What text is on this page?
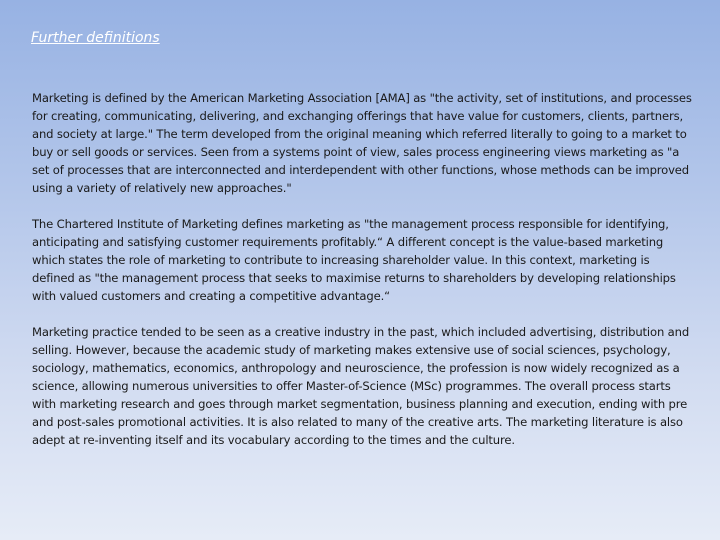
Further definitions

Marketing is defined by the American Marketing Association [AMA] as "the activity, set of institutions, and processes for creating, communicating, delivering, and exchanging offerings that have value for customers, clients, partners, and society at large." The term developed from the original meaning which referred literally to going to a market to buy or sell goods or services. Seen from a systems point of view, sales process engineering views marketing as "a set of processes that are interconnected and interdependent with other functions, whose methods can be improved using a variety of relatively new approaches."

The Chartered Institute of Marketing defines marketing as "the management process responsible for identifying, anticipating and satisfying customer requirements profitably.“ A different concept is the value-based marketing which states the role of marketing to contribute to increasing shareholder value. In this context, marketing is defined as "the management process that seeks to maximise returns to shareholders by developing relationships with valued customers and creating a competitive advantage.“

Marketing practice tended to be seen as a creative industry in the past, which included advertising, distribution and selling. However, because the academic study of marketing makes extensive use of social sciences, psychology, sociology, mathematics, economics, anthropology and neuroscience, the profession is now widely recognized as a science, allowing numerous universities to offer Master-of-Science (MSc) programmes. The overall process starts with marketing research and goes through market segmentation, business planning and execution, ending with pre and post-sales promotional activities. It is also related to many of the creative arts. The marketing literature is also adept at re-inventing itself and its vocabulary according to the times and the culture.
